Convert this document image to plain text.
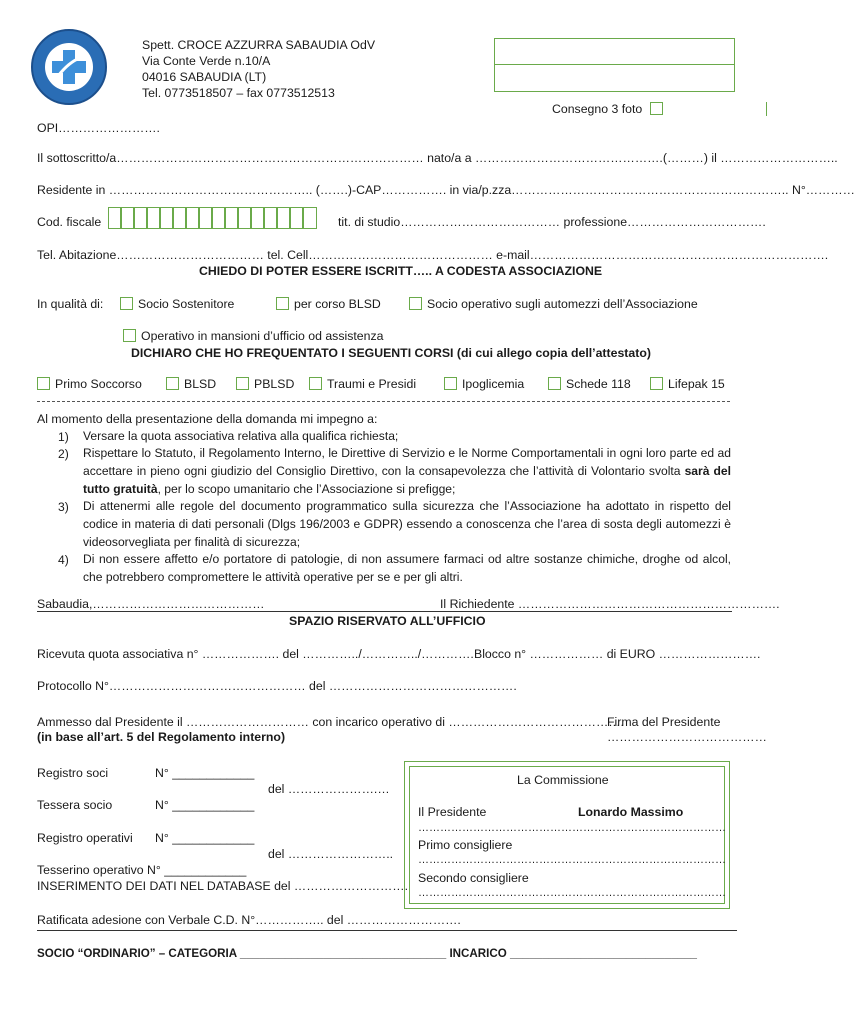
Spett. CROCE AZZURRA SABAUDIA OdV
Via Conte Verde n.10/A
04016 SABAUDIA (LT)
Tel. 0773518507 – fax 0773512513
Consegno 3 foto
OPI…………………….
Il sottoscritto/a………………………………………………………………… nato/a a ……………………………………….(………) il ………………………..
Residente in ………………………………………….. (…….)-CAP……………. in via/p.zza………………………………………………………….. N°…………
Cod. fiscale	tit. di studio………………………………… professione…………………………….
Tel. Abitazione……………………………… tel. Cell……………………………………… e-mail……………………………………………………………….
CHIEDO DI POTER ESSERE ISCRITT….. A CODESTA ASSOCIAZIONE
In qualità di:	Socio Sostenitore	per corso BLSD	Socio operativo sugli automezzi dell’Associazione
Operativo in mansioni d’ufficio od assistenza
DICHIARO CHE HO FREQUENTATO I SEGUENTI CORSI (di cui allego copia dell’attestato)
Primo Soccorso	BLSD	PBLSD	Traumi e Presidi	Ipoglicemia	Schede 118	Lifepak 15
Al momento della presentazione della domanda mi impegno a:
1) Versare la quota associativa relativa alla qualifica richiesta;
2) Rispettare lo Statuto, il Regolamento Interno, le Direttive di Servizio e le Norme Comportamentali in ogni loro parte ed ad accettare in pieno ogni giudizio del Consiglio Direttivo, con la consapevolezza che l’attività di Volontario svolta sarà del tutto gratuità, per lo scopo umanitario che l’Associazione si prefigge;
3) Di attenermi alle regole del documento programmatico sulla sicurezza che l’Associazione ha adottato in rispetto del codice in materia di dati personali (Dlgs 196/2003 e GDPR) essendo a conoscenza che l’area di sosta degli automezzi è videosorvegliata per finalità di sicurezza;
4) Di non essere affetto e/o portatore di patologie, di non assumere farmaci od altre sostanze chimiche, droghe od alcol, che potrebbero compromettere le attività operative per se e per gli altri.
Sabaudia,……………………………………	Il Richiedente ……………………………………………………….
SPAZIO RISERVATO ALL’UFFICIO
Ricevuta quota associativa n° ………………. del …………../…………../…………. Blocco n° ……………… di EURO …………………….
Protocollo N°………………………………………… del ……………………………………….
Ammesso dal Presidente il ………………………… con incarico operativo di …………………………………….
Firma del Presidente
(in base all’art. 5 del Regolamento interno)	…………………………………
Registro soci	N° ____________
del ………………….…
Tessera socio	N° ____________
Registro operativi N° ____________
del ……………………..
Tesserino operativo N° ____________
INSERIMENTO DEI DATI NEL DATABASE del ……………………….
La Commissione
Il Presidente	Lonardo Massimo
…………………………………………………………………………
Primo consigliere
…………………………………………………………………………
Secondo consigliere
…………………………………………………………………………
Ratificata adesione con Verbale C.D. N°…………….. del ……………………….
SOCIO “ORDINARIO” – CATEGORIA ________________________________ INCARICO _____________________________
